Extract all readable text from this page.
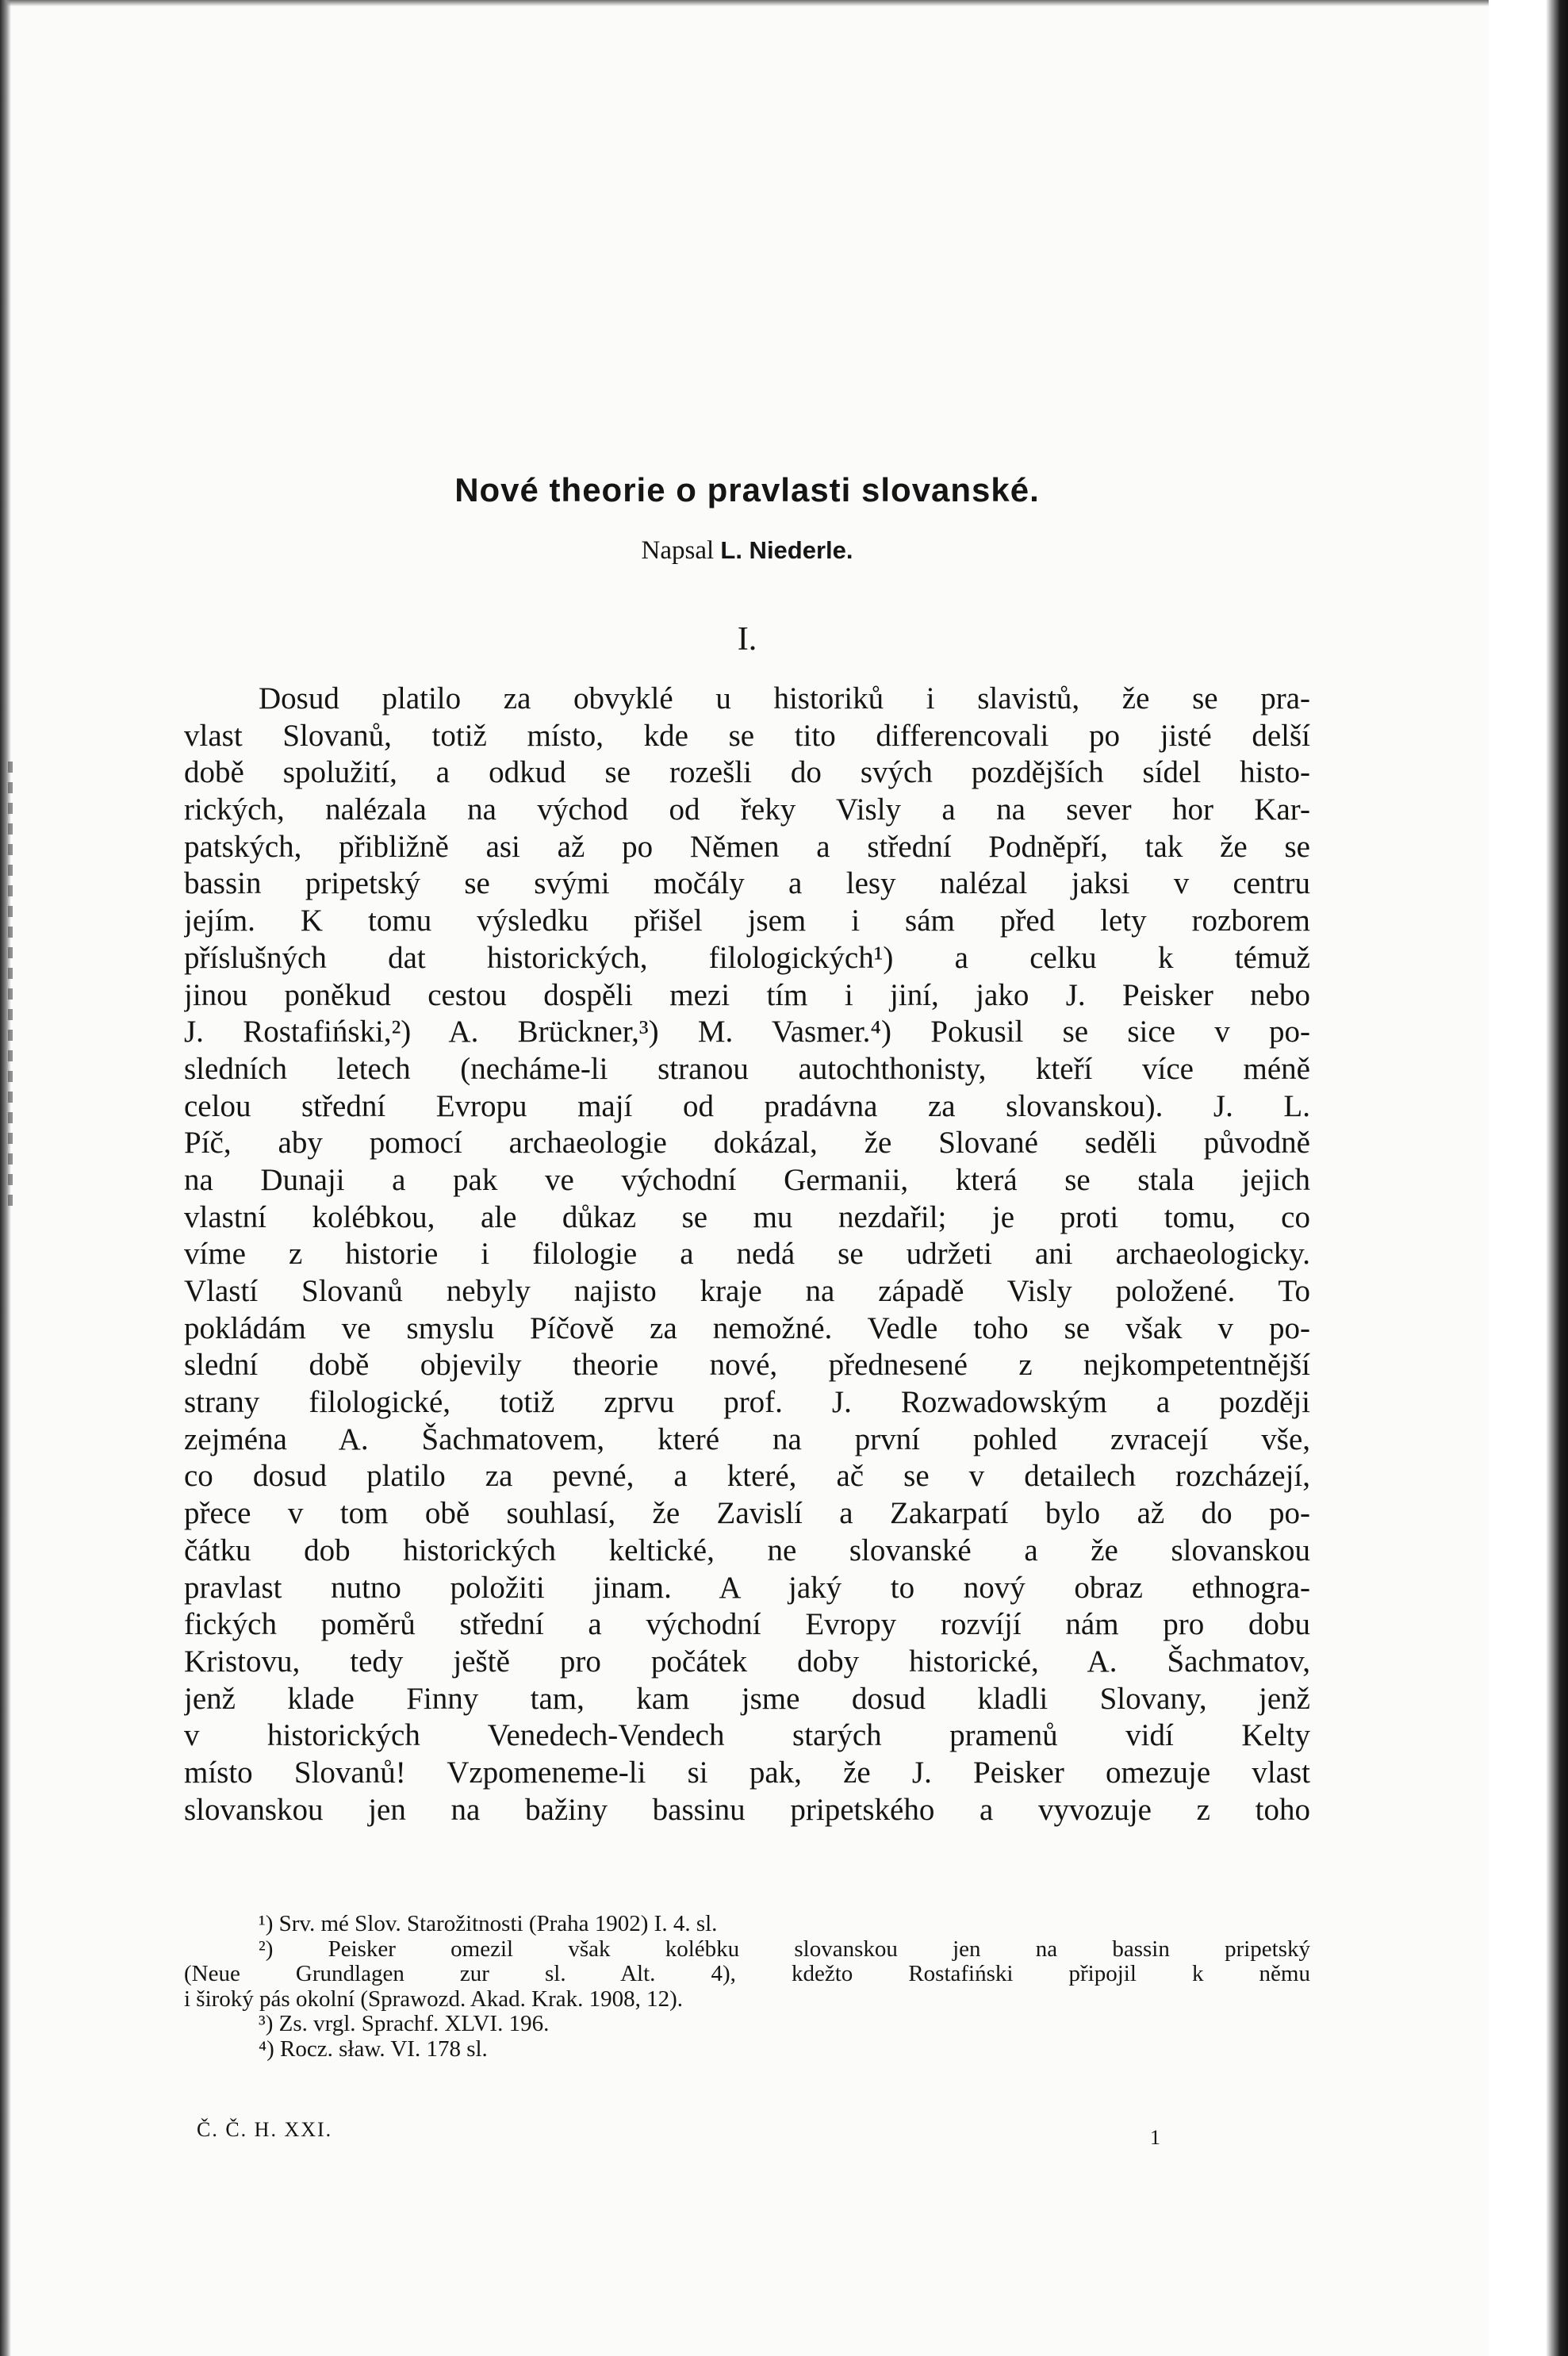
Nové theorie o pravlasti slovanské.
Napsal L. Niederle.
I.
Dosud platilo za obvyklé u historiků i slavistů, že se pra-
vlast Slovanů, totiž místo, kde se tito differencovali po jisté delší
době spolužití, a odkud se rozešli do svých pozdějších sídel histo-
rických, nalézala na východ od řeky Visly a na sever hor Kar-
patských, přibližně asi až po Němen a střední Podněpří, tak že se
bassin pripetský se svými močály a lesy nalézal jaksi v centru
jejím. K tomu výsledku přišel jsem i sám před lety rozborem
příslušných dat historických, filologických¹) a celku k témuž
jinou poněkud cestou dospěli mezi tím i jiní, jako J. Peisker nebo
J. Rostafiński,²) A. Brückner,³) M. Vasmer.⁴) Pokusil se sice v po-
sledních letech (necháme-li stranou autochthonisty, kteří více méně
celou střední Evropu mají od pradávna za slovanskou). J. L.
Píč, aby pomocí archaeologie dokázal, že Slované seděli původně
na Dunaji a pak ve východní Germanii, která se stala jejich
vlastní kolébkou, ale důkaz se mu nezdařil; je proti tomu, co
víme z historie i filologie a nedá se udržeti ani archaeologicky.
Vlastí Slovanů nebyly najisto kraje na západě Visly položené. To
pokládám ve smyslu Píčově za nemožné. Vedle toho se však v po-
slední době objevily theorie nové, přednesené z nejkompetentnější
strany filologické, totiž zprvu prof. J. Rozwadowským a později
zejména A. Šachmatovem, které na první pohled zvracejí vše,
co dosud platilo za pevné, a které, ač se v detailech rozcházejí,
přece v tom obě souhlasí, že Zavislí a Zakarpatí bylo až do po-
čátku dob historických keltické, ne slovanské a že slovanskou
pravlast nutno položiti jinam. A jaký to nový obraz ethnogra-
fických poměrů střední a východní Evropy rozvíjí nám pro dobu
Kristovu, tedy ještě pro počátek doby historické, A. Šachmatov,
jenž klade Finny tam, kam jsme dosud kladli Slovany, jenž
v historických Venedech-Vendech starých pramenů vidí Kelty
místo Slovanů! Vzpomeneme-li si pak, že J. Peisker omezuje vlast
slovanskou jen na bažiny bassinu pripetského a vyvozuje z toho
¹) Srv. mé Slov. Starožitnosti (Praha 1902) I. 4. sl.
²) Peisker omezil však kolébku slovanskou jen na bassin pripetský
(Neue Grundlagen zur sl. Alt. 4), kdežto Rostafiński připojil k němu
i široký pás okolní (Sprawozd. Akad. Krak. 1908, 12).
³) Zs. vrgl. Sprachf. XLVI. 196.
⁴) Rocz. sław. VI. 178 sl.
Č. Č. H. XXI.	1
